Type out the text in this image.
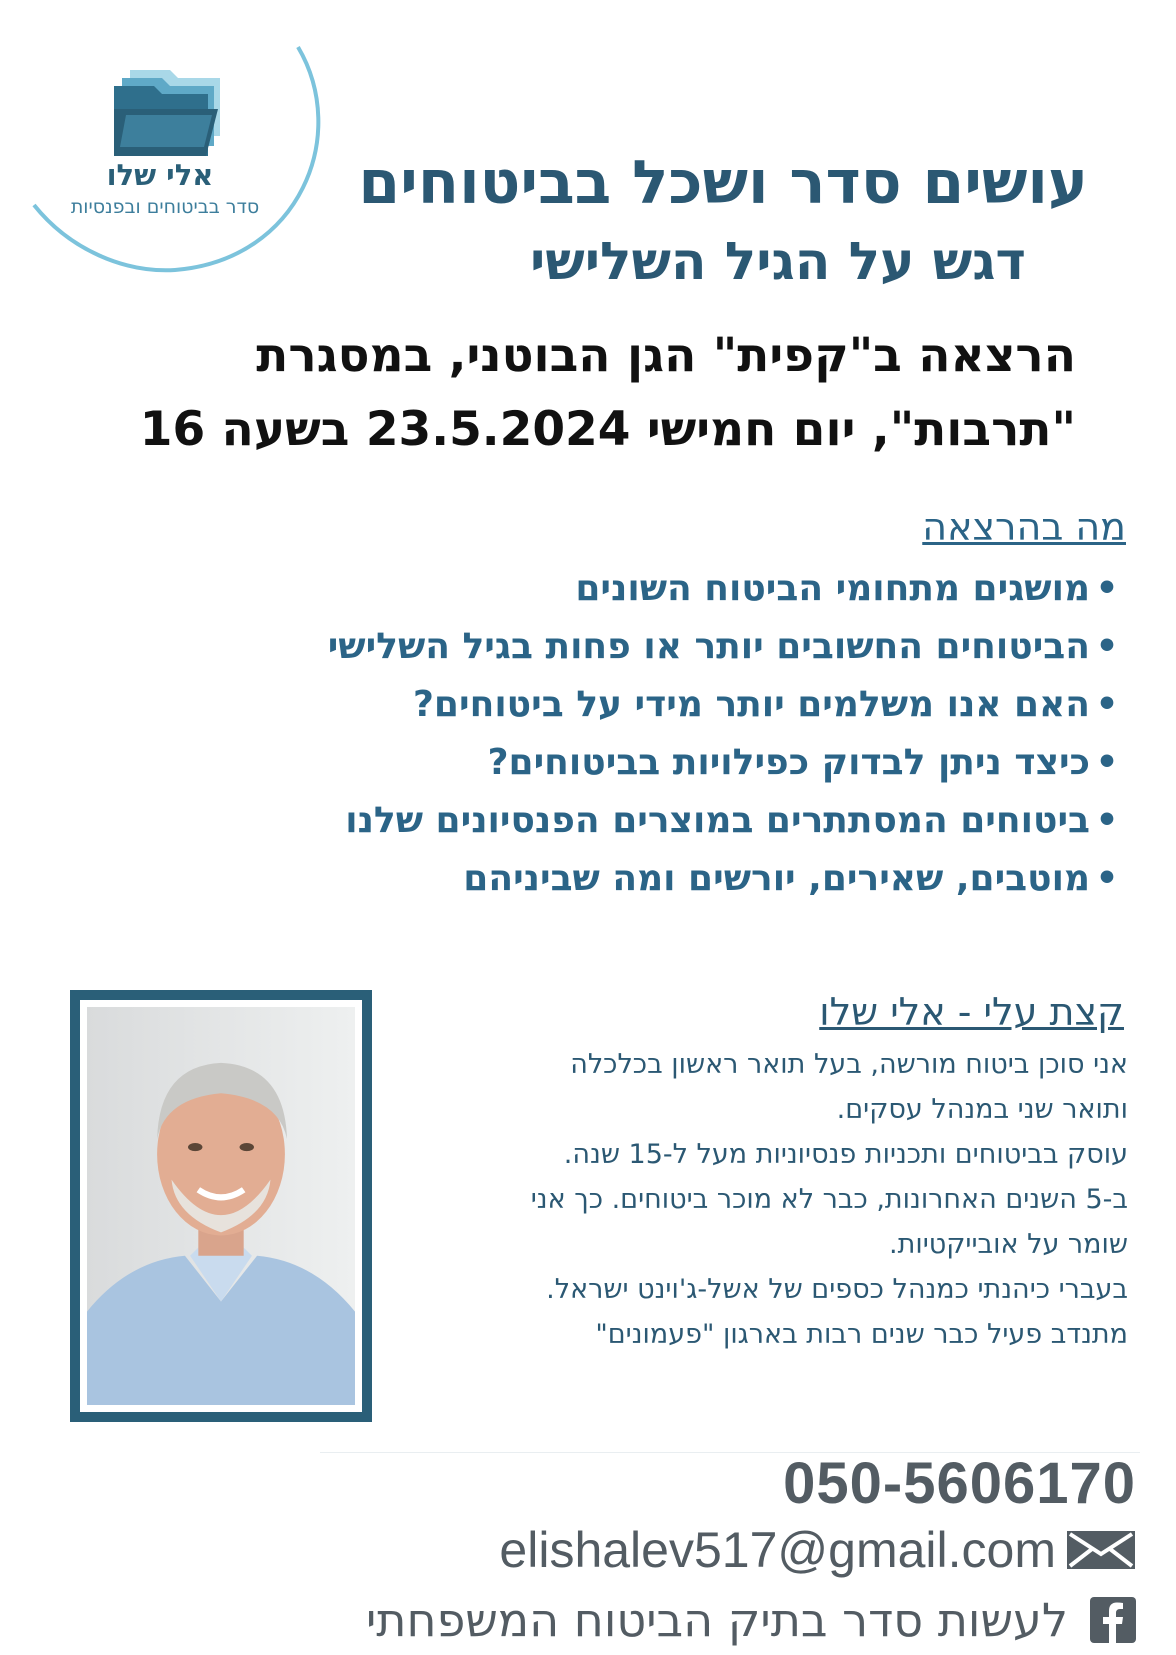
אלי שלו
סדר בביטוחים ובפנסיות	עושים סדר ושכל בביטוחים
דגש על הגיל השלישי
הרצאה ב"קפית" הגן הבוטני, במסגרת
"תרבות", יום חמישי 23.5.2024 בשעה 16
מה בהרצאה
•מושגים מתחומי הביטוח השונים
•הביטוחים החשובים יותר או פחות בגיל השלישי
•האם אנו משלמים יותר מידי על ביטוחים?
•כיצד ניתן לבדוק כפילויות בביטוחים?
•ביטוחים המסתתרים במוצרים הפנסיונים שלנו
•מוטבים, שאירים, יורשים ומה שביניהם
קצת עלי - אלי שלו
אני סוכן ביטוח מורשה, בעל תואר ראשון בכלכלה
ותואר שני במנהל עסקים.
עוסק בביטוחים ותכניות פנסיוניות מעל ל-15 שנה.
ב-5 השנים האחרונות, כבר לא מוכר ביטוחים. כך אני
שומר על אובייקטיות.
בעברי כיהנתי כמנהל כספים של אשל-ג'וינט ישראל.
מתנדב פעיל כבר שנים רבות בארגון "פעמונים"
050-5606170
elishalev517@gmail.com
לעשות סדר בתיק הביטוח המשפחתי
